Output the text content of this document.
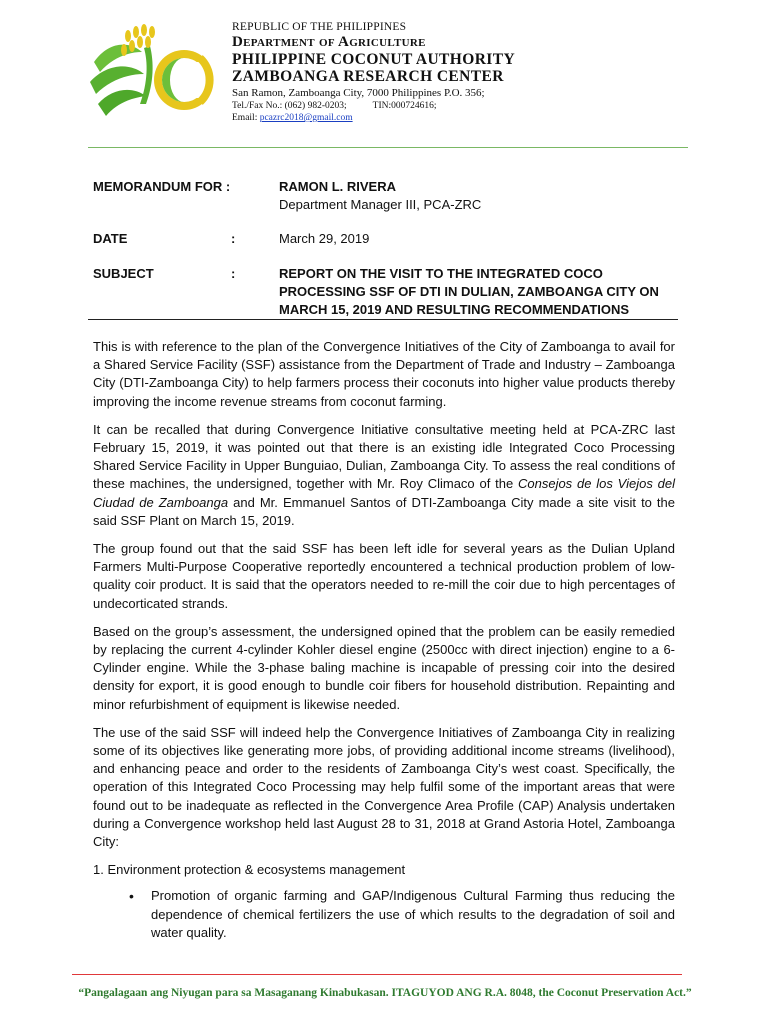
REPUBLIC OF THE PHILIPPINES
Department of Agriculture
PHILIPPINE COCONUT AUTHORITY
ZAMBOANGA RESEARCH CENTER
San Ramon, Zamboanga City, 7000 Philippines P.O. 356;
Tel./Fax No.: (062) 982-0203;	TIN:000724616;
Email: pcazrc2018@gmail.com
MEMORANDUM FOR :	RAMON L. RIVERA
Department Manager III, PCA-ZRC
DATE	:	March 29, 2019
SUBJECT	:	REPORT ON THE VISIT TO THE INTEGRATED COCO PROCESSING SSF OF DTI IN DULIAN, ZAMBOANGA CITY ON MARCH 15, 2019 AND RESULTING RECOMMENDATIONS

This is with reference to the plan of the Convergence Initiatives of the City of Zamboanga to avail for a Shared Service Facility (SSF) assistance from the Department of Trade and Industry – Zamboanga City (DTI-Zamboanga City) to help farmers process their coconuts into higher value products thereby improving the income revenue streams from coconut farming.

It can be recalled that during Convergence Initiative consultative meeting held at PCA-ZRC last February 15, 2019, it was pointed out that there is an existing idle Integrated Coco Processing Shared Service Facility in Upper Bunguiao, Dulian, Zamboanga City. To assess the real conditions of these machines, the undersigned, together with Mr. Roy Climaco of the Consejos de los Viejos del Ciudad de Zamboanga and Mr. Emmanuel Santos of DTI-Zamboanga City made a site visit to the said SSF Plant on March 15, 2019.

The group found out that the said SSF has been left idle for several years as the Dulian Upland Farmers Multi-Purpose Cooperative reportedly encountered a technical production problem of low-quality coir product. It is said that the operators needed to re-mill the coir due to high percentages of undecorticated strands.

Based on the group’s assessment, the undersigned opined that the problem can be easily remedied by replacing the current 4-cylinder Kohler diesel engine (2500cc with direct injection) engine to a 6-Cylinder engine. While the 3-phase baling machine is incapable of pressing coir into the desired density for export, it is good enough to bundle coir fibers for household distribution. Repainting and minor refurbishment of equipment is likewise needed.

The use of the said SSF will indeed help the Convergence Initiatives of Zamboanga City in realizing some of its objectives like generating more jobs, of providing additional income streams (livelihood), and enhancing peace and order to the residents of Zamboanga City’s west coast. Specifically, the operation of this Integrated Coco Processing may help fulfil some of the important areas that were found out to be inadequate as reflected in the Convergence Area Profile (CAP) Analysis undertaken during a Convergence workshop held last August 28 to 31, 2018 at Grand Astoria Hotel, Zamboanga City:

1. Environment protection & ecosystems management
• Promotion of organic farming and GAP/Indigenous Cultural Farming thus reducing the dependence of chemical fertilizers the use of which results to the degradation of soil and water quality.
“Pangalagaan ang Niyugan para sa Masaganang Kinabukasan. ITAGUYOD ANG R.A. 8048, the Coconut Preservation Act.”
